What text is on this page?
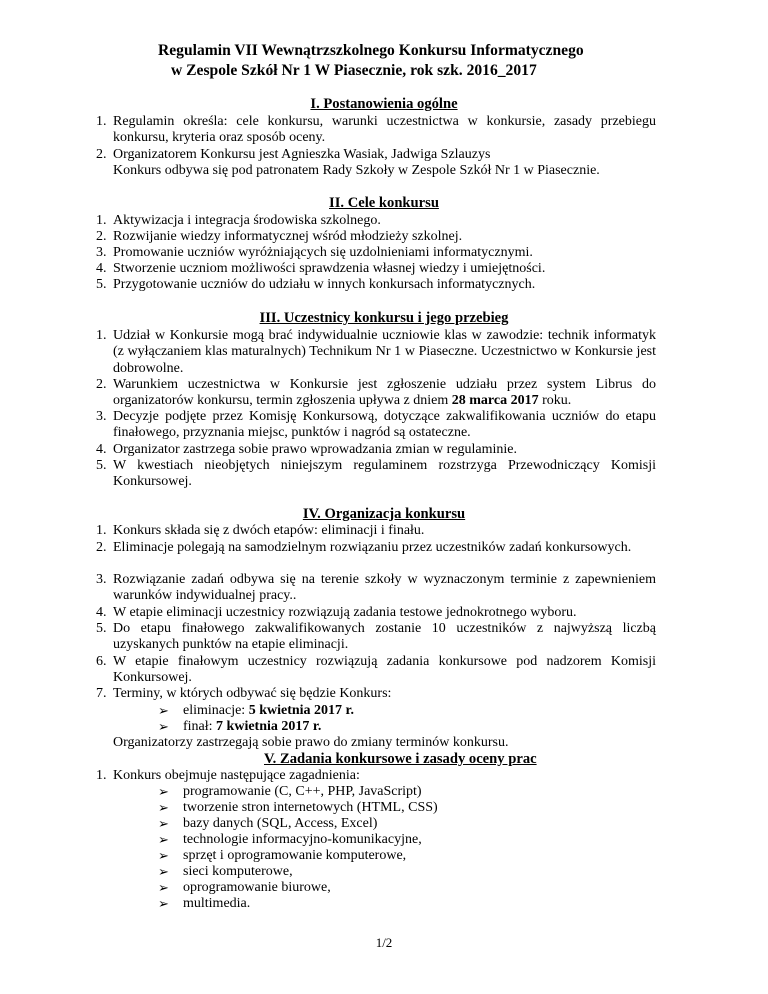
Regulamin VII Wewnątrzszkolnego Konkursu Informatycznego
w Zespole Szkół Nr 1 W Piasecznie, rok szk. 2016_2017
I. Postanowienia ogólne
1. Regulamin określa: cele konkursu, warunki uczestnictwa w konkursie, zasady przebiegu konkursu, kryteria oraz sposób oceny.
2. Organizatorem Konkursu jest Agnieszka Wasiak, Jadwiga Szlauzys
Konkurs odbywa się pod patronatem Rady Szkoły w Zespole Szkół Nr 1 w Piasecznie.
II. Cele konkursu
1. Aktywizacja i integracja środowiska szkolnego.
2. Rozwijanie wiedzy informatycznej wśród młodzieży szkolnej.
3. Promowanie uczniów wyróżniających się uzdolnieniami informatycznymi.
4. Stworzenie uczniom możliwości sprawdzenia własnej wiedzy i umiejętności.
5. Przygotowanie uczniów do udziału w innych konkursach informatycznych.
III. Uczestnicy konkursu i jego przebieg
1. Udział w Konkursie mogą brać indywidualnie uczniowie klas w zawodzie: technik informatyk (z wyłączaniem klas maturalnych) Technikum Nr 1 w Piaseczne. Uczestnictwo w Konkursie jest dobrowolne.
2. Warunkiem uczestnictwa w Konkursie jest zgłoszenie udziału przez system Librus do organizatorów konkursu, termin zgłoszenia upływa z dniem 28 marca 2017 roku.
3. Decyzje podjęte przez Komisję Konkursową, dotyczące zakwalifikowania uczniów do etapu finałowego, przyznania miejsc, punktów i nagród są ostateczne.
4. Organizator zastrzega sobie prawo wprowadzania zmian w regulaminie.
5. W kwestiach nieobjętych niniejszym regulaminem rozstrzyga Przewodniczący Komisji Konkursowej.
IV. Organizacja konkursu
1. Konkurs składa się z dwóch etapów: eliminacji i finału.
2. Eliminacje polegają na samodzielnym rozwiązaniu przez uczestników zadań konkursowych.
3. Rozwiązanie zadań odbywa się na terenie szkoły w wyznaczonym terminie z zapewnieniem warunków indywidualnej pracy..
4. W etapie eliminacji uczestnicy rozwiązują zadania testowe jednokrotnego wyboru.
5. Do etapu finałowego zakwalifikowanych zostanie 10 uczestników z najwyższą liczbą uzyskanych punktów na etapie eliminacji.
6. W etapie finałowym uczestnicy rozwiązują zadania konkursowe pod nadzorem Komisji Konkursowej.
7. Terminy, w których odbywać się będzie Konkurs:
➢ eliminacje: 5 kwietnia 2017 r.
➢ finał: 7 kwietnia 2017 r.
Organizatorzy zastrzegają sobie prawo do zmiany terminów konkursu.
V. Zadania konkursowe i zasady oceny prac
1. Konkurs obejmuje następujące zagadnienia:
➢ programowanie (C, C++, PHP, JavaScript)
➢ tworzenie stron internetowych (HTML, CSS)
➢ bazy danych (SQL, Access, Excel)
➢ technologie informacyjno-komunikacyjne,
➢ sprzęt i oprogramowanie komputerowe,
➢ sieci komputerowe,
➢ oprogramowanie biurowe,
➢ multimedia.
1/2
